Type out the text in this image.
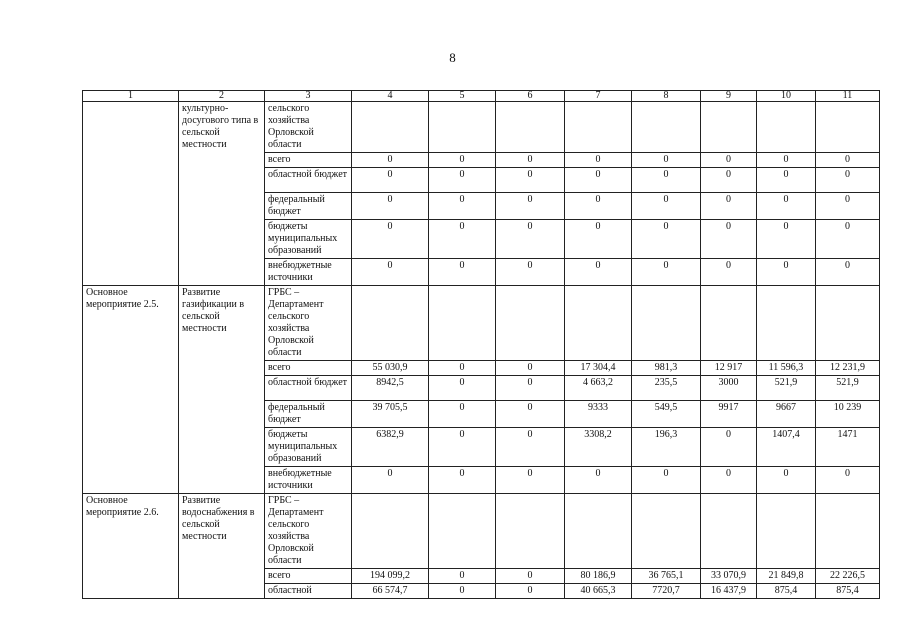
8
1	2	3	4	5	6	7	8	9	10	11
	культурно-досугового типа в сельской местности	сельского хозяйства Орловской области								
		всего	0	0	0	0	0	0	0	0
		областной бюджет	0	0	0	0	0	0	0	0
		федеральный бюджет	0	0	0	0	0	0	0	0
		бюджеты муниципальных образований	0	0	0	0	0	0	0	0
		внебюджетные источники	0	0	0	0	0	0	0	0
Основное мероприятие 2.5.	Развитие газификации в сельской местности	ГРБС – Департамент сельского хозяйства Орловской области								
		всего	55 030,9	0	0	17 304,4	981,3	12 917	11 596,3	12 231,9
		областной бюджет	8942,5	0	0	4 663,2	235,5	3000	521,9	521,9
		федеральный бюджет	39 705,5	0	0	9333	549,5	9917	9667	10 239
		бюджеты муниципальных образований	6382,9	0	0	3308,2	196,3	0	1407,4	1471
		внебюджетные источники	0	0	0	0	0	0	0	0
Основное мероприятие 2.6.	Развитие водоснабжения в сельской местности	ГРБС – Департамент сельского хозяйства Орловской области								
		всего	194 099,2	0	0	80 186,9	36 765,1	33 070,9	21 849,8	22 226,5
		областной	66 574,7	0	0	40 665,3	7720,7	16 437,9	875,4	875,4
